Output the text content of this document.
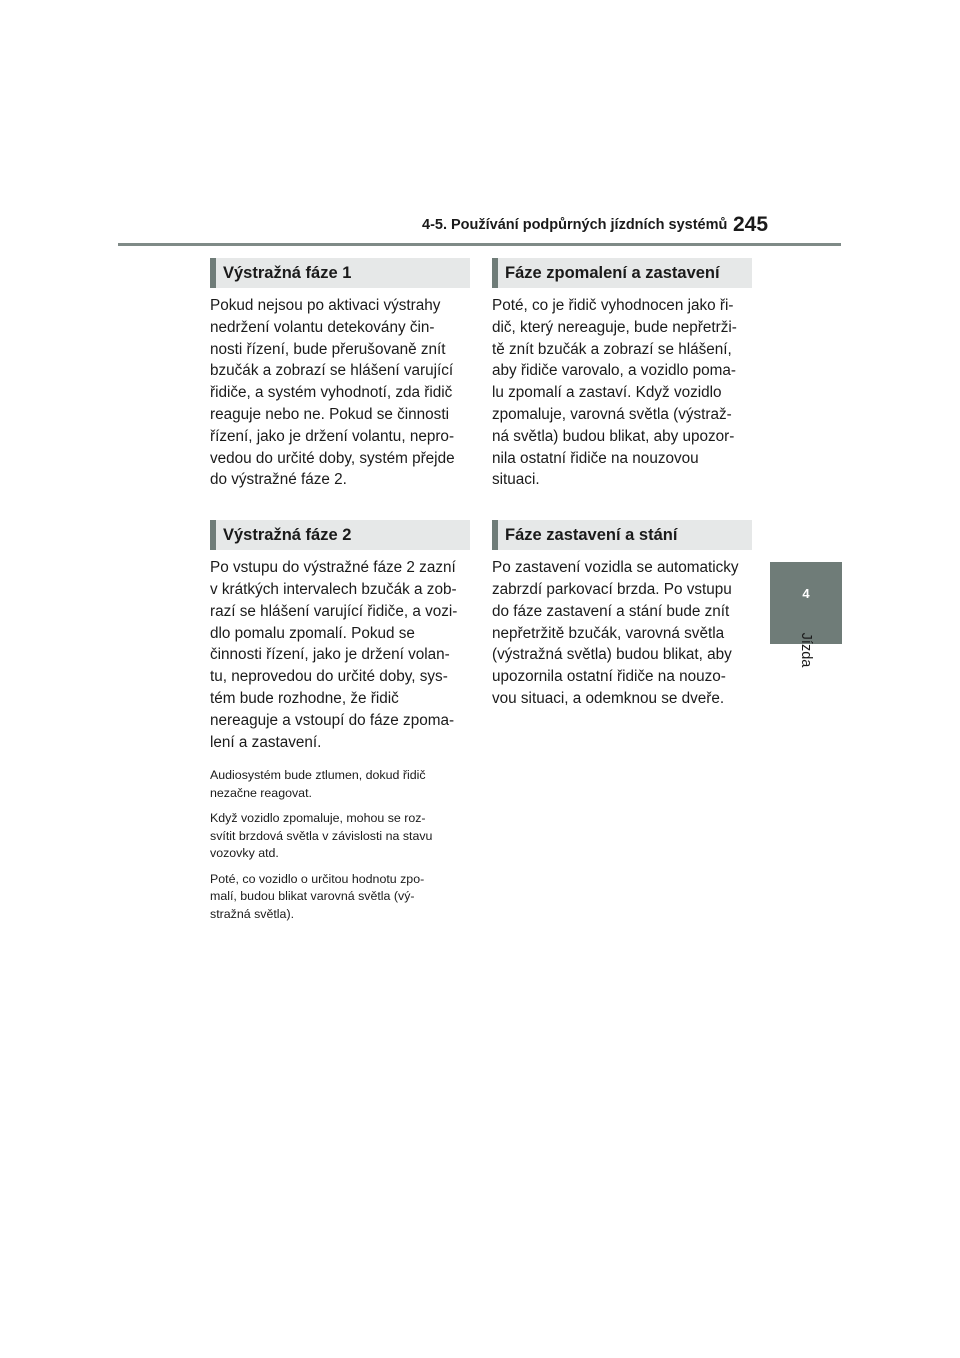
4-5. Používání podpůrných jízdních systémů 245
4
Jízda
Výstražná fáze 1

Pokud nejsou po aktivaci výstrahy
nedržení volantu detekovány čin-
nosti řízení, bude přerušovaně znít
bzučák a zobrazí se hlášení varující
řidiče, a systém vyhodnotí, zda řidič
reaguje nebo ne. Pokud se činnosti
řízení, jako je držení volantu, nepro-
vedou do určité doby, systém přejde
do výstražné fáze 2.

Výstražná fáze 2

Po vstupu do výstražné fáze 2 zazní
v krátkých intervalech bzučák a zob-
razí se hlášení varující řidiče, a vozi-
dlo pomalu zpomalí. Pokud se
činnosti řízení, jako je držení volan-
tu, neprovedou do určité doby, sys-
tém bude rozhodne, že řidič
nereaguje a vstoupí do fáze zpoma-
lení a zastavení.

Audiosystém bude ztlumen, dokud řidič
nezačne reagovat.

Když vozidlo zpomaluje, mohou se roz-
svítit brzdová světla v závislosti na stavu
vozovky atd.

Poté, co vozidlo o určitou hodnotu zpo-
malí, budou blikat varovná světla (vý-
stražná světla).

Fáze zpomalení a zastavení

Poté, co je řidič vyhodnocen jako ři-
dič, který nereaguje, bude nepřetrži-
tě znít bzučák a zobrazí se hlášení,
aby řidiče varovalo, a vozidlo poma-
lu zpomalí a zastaví. Když vozidlo
zpomaluje, varovná světla (výstraž-
ná světla) budou blikat, aby upozor-
nila ostatní řidiče na nouzovou
situaci.

Fáze zastavení a stání

Po zastavení vozidla se automaticky
zabrzdí parkovací brzda. Po vstupu
do fáze zastavení a stání bude znít
nepřetržitě bzučák, varovná světla
(výstražná světla) budou blikat, aby
upozornila ostatní řidiče na nouzo-
vou situaci, a odemknou se dveře.
